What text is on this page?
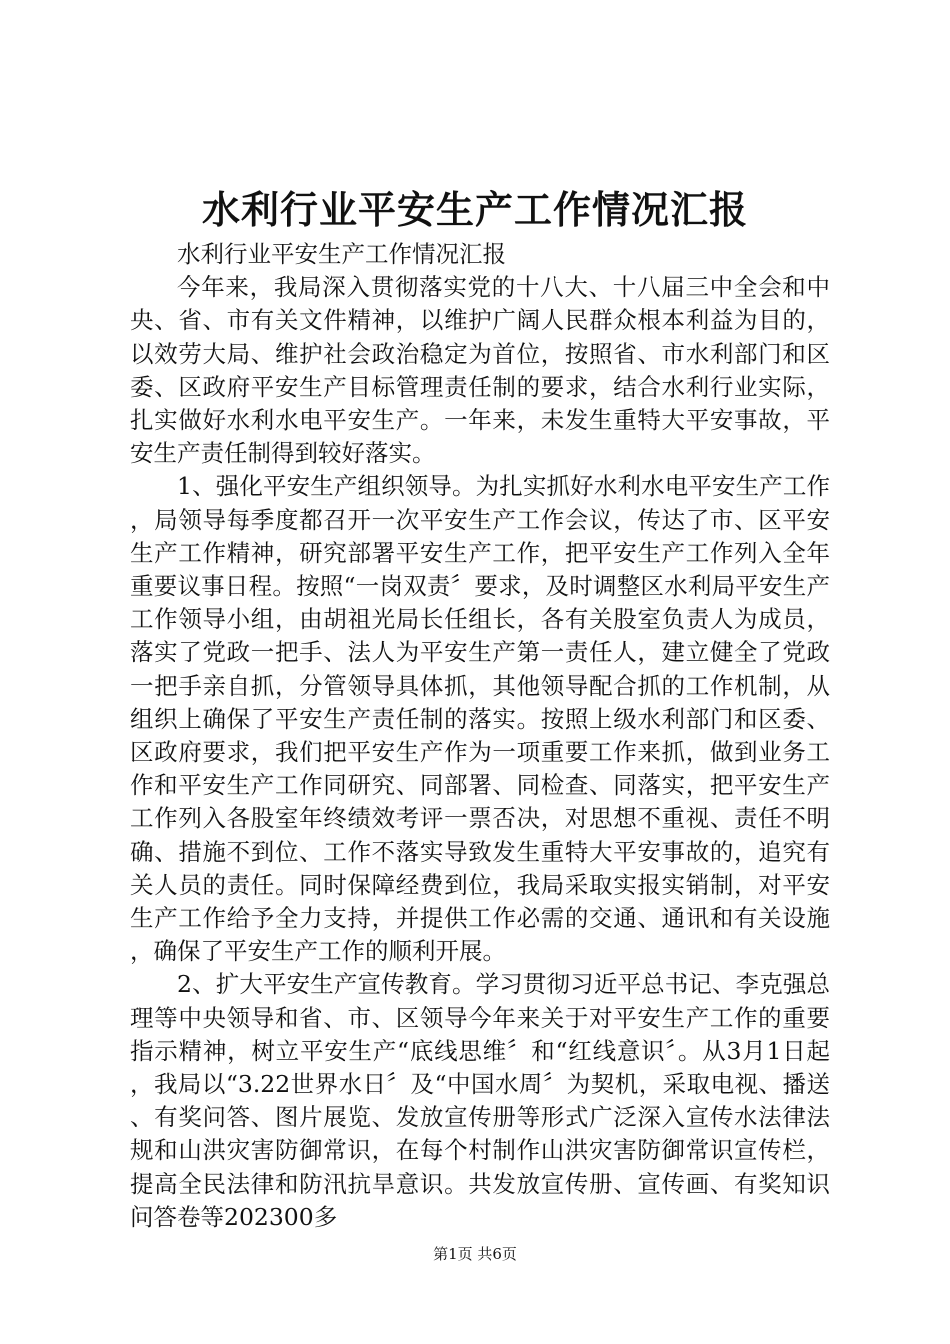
水利行业平安生产工作情况汇报

水利行业平安生产工作情况汇报

今年来，我局深入贯彻落实党的十八大、十八届三中全会和中央、省、市有关文件精神，以维护广阔人民群众根本利益为目的，以效劳大局、维护社会政治稳定为首位，按照省、市水利部门和区委、区政府平安生产目标管理责任制的要求，结合水利行业实际，扎实做好水利水电平安生产。一年来，未发生重特大平安事故，平安生产责任制得到较好落实。

1、强化平安生产组织领导。为扎实抓好水利水电平安生产工作，局领导每季度都召开一次平安生产工作会议，传达了市、区平安生产工作精神，研究部署平安生产工作，把平安生产工作列入全年重要议事日程。按照“一岗双责〞要求，及时调整区水利局平安生产工作领导小组，由胡祖光局长任组长，各有关股室负责人为成员，落实了党政一把手、法人为平安生产第一责任人，建立健全了党政一把手亲自抓，分管领导具体抓，其他领导配合抓的工作机制，从组织上确保了平安生产责任制的落实。按照上级水利部门和区委、区政府要求，我们把平安生产作为一项重要工作来抓，做到业务工作和平安生产工作同研究、同部署、同检查、同落实，把平安生产工作列入各股室年终绩效考评一票否决，对思想不重视、责任不明确、措施不到位、工作不落实导致发生重特大平安事故的，追究有关人员的责任。同时保障经费到位，我局采取实报实销制，对平安生产工作给予全力支持，并提供工作必需的交通、通讯和有关设施，确保了平安生产工作的顺利开展。

2、扩大平安生产宣传教育。学习贯彻习近平总书记、李克强总理等中央领导和省、市、区领导今年来关于对平安生产工作的重要指示精神，树立平安生产“底线思维〞和“红线意识〞。从3月1日起，我局以“3.22世界水日〞及“中国水周〞为契机，采取电视、播送、有奖问答、图片展览、发放宣传册等形式广泛深入宣传水法律法规和山洪灾害防御常识，在每个村制作山洪灾害防御常识宣传栏，提高全民法律和防汛抗旱意识。共发放宣传册、宣传画、有奖知识问答卷等202300多

第1页 共6页
